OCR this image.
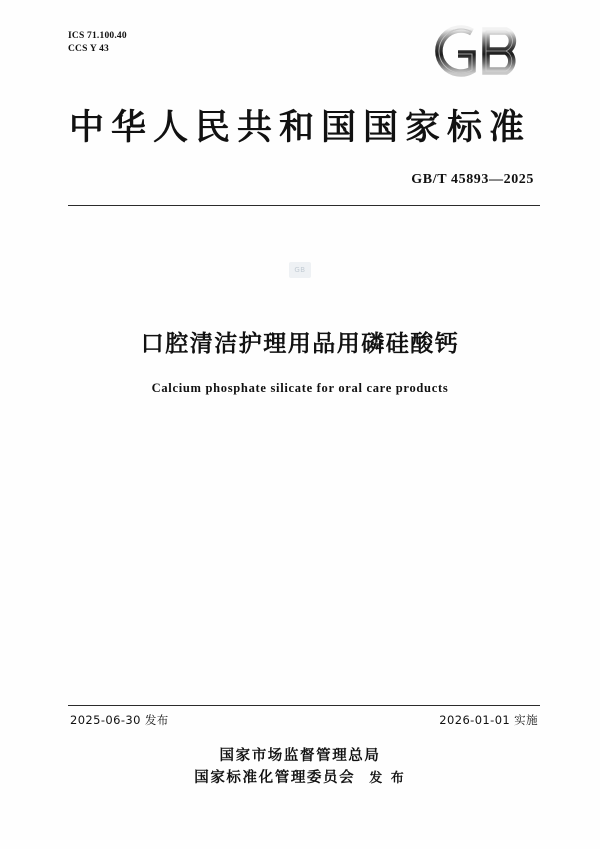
ICS 71.100.40
CCS Y 43
中华人民共和国国家标准
GB/T 45893—2025
GB
口腔清洁护理用品用磷硅酸钙
Calcium phosphate silicate for oral care products
2025-06-30 发布	2026-01-01 实施
国家市场监督管理总局
国家标准化管理委员会 发 布
